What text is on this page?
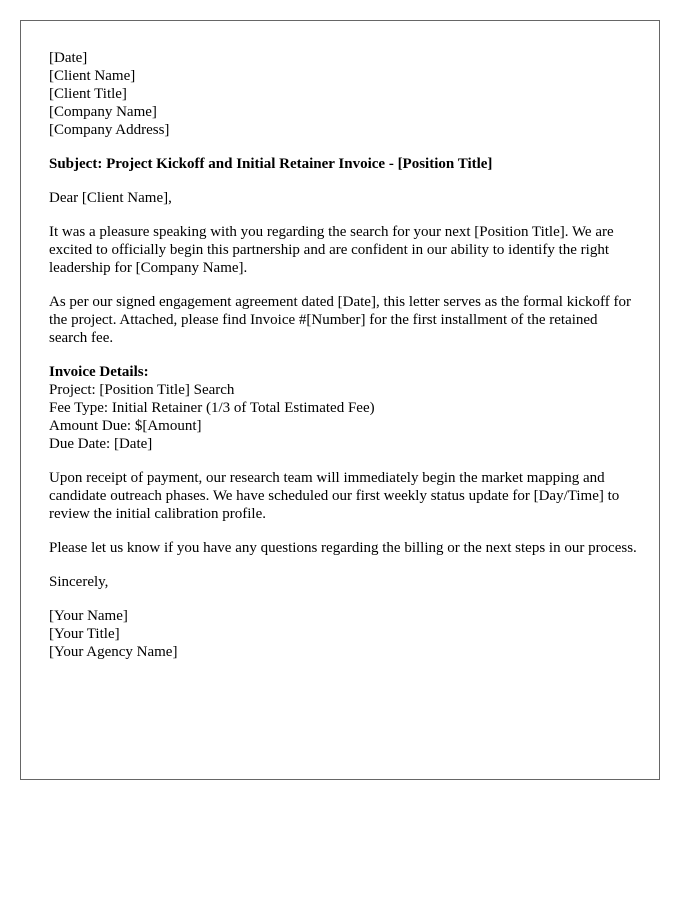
[Date]
[Client Name]
[Client Title]
[Company Name]
[Company Address]

Subject: Project Kickoff and Initial Retainer Invoice - [Position Title]

Dear [Client Name],

It was a pleasure speaking with you regarding the search for your next [Position Title]. We are excited to officially begin this partnership and are confident in our ability to identify the right leadership for [Company Name].

As per our signed engagement agreement dated [Date], this letter serves as the formal kickoff for the project. Attached, please find Invoice #[Number] for the first installment of the retained search fee.

Invoice Details:
Project: [Position Title] Search
Fee Type: Initial Retainer (1/3 of Total Estimated Fee)
Amount Due: $[Amount]
Due Date: [Date]

Upon receipt of payment, our research team will immediately begin the market mapping and candidate outreach phases. We have scheduled our first weekly status update for [Day/Time] to review the initial calibration profile.

Please let us know if you have any questions regarding the billing or the next steps in our process.

Sincerely,

[Your Name]
[Your Title]
[Your Agency Name]
